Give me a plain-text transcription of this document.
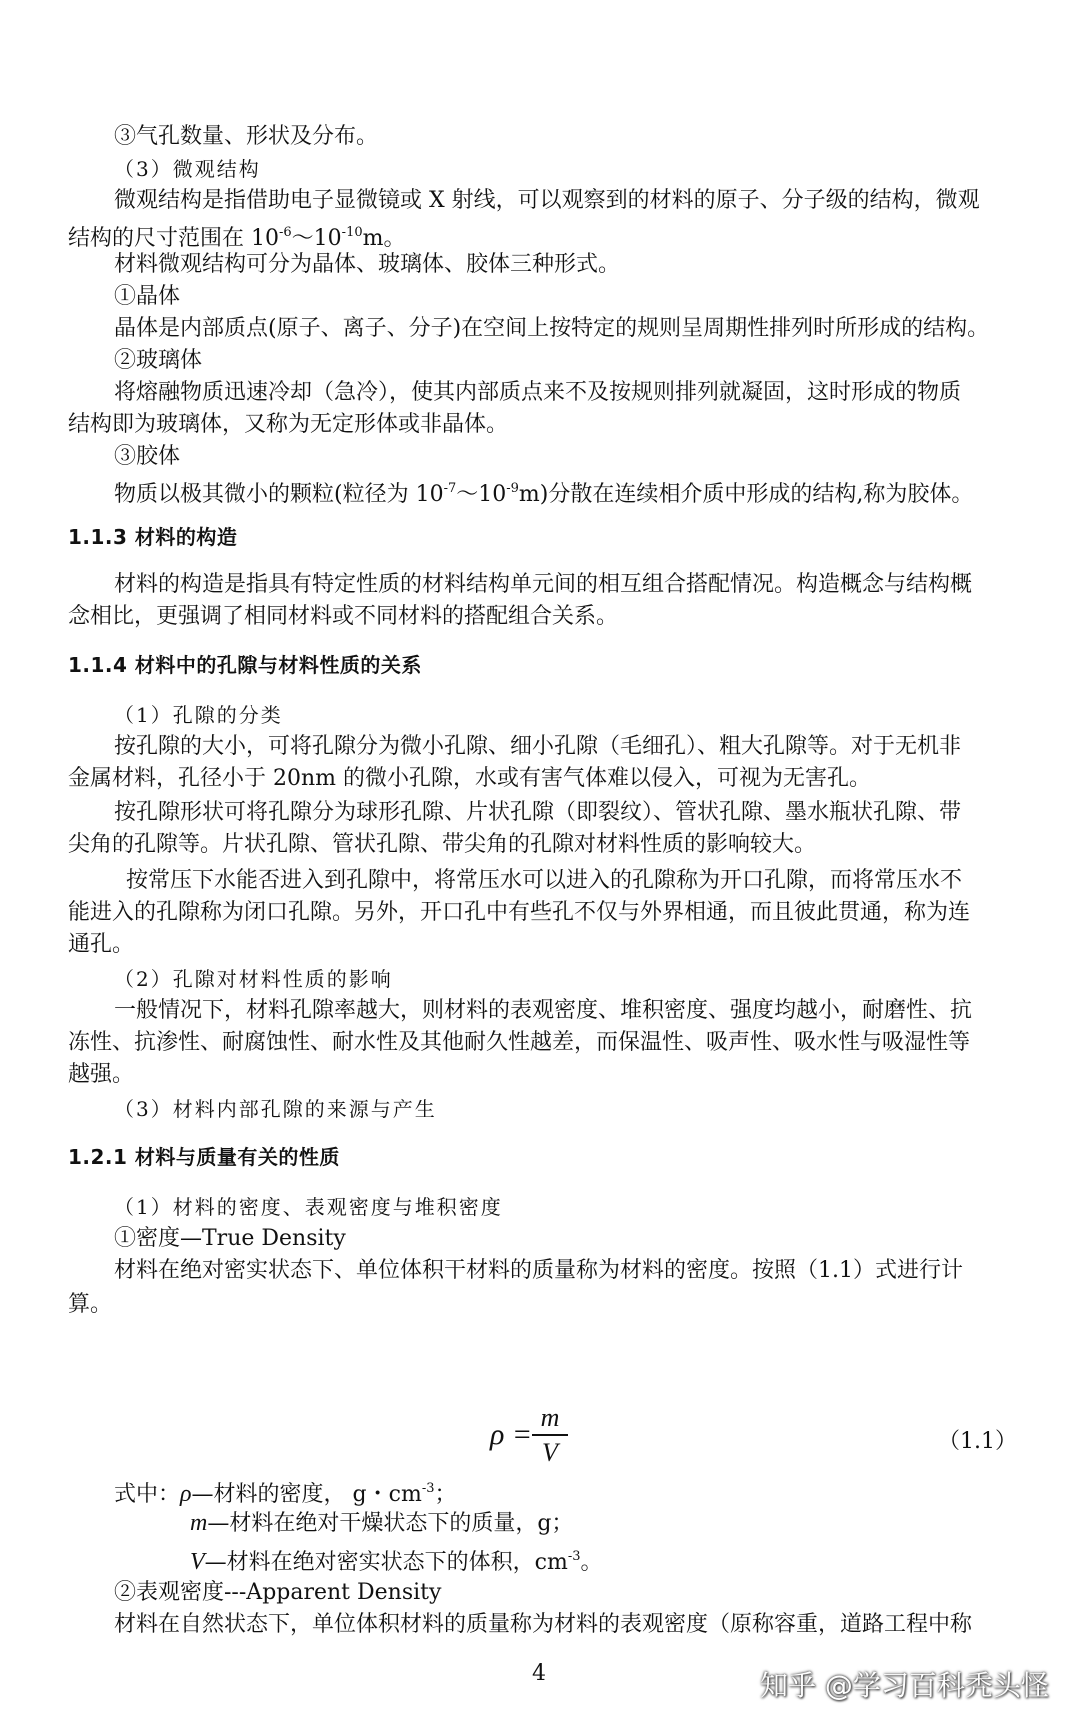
③气孔数量、形状及分布。
（3）微观结构
微观结构是指借助电子显微镜或 X 射线，可以观察到的材料的原子、分子级的结构，微观
结构的尺寸范围在 $10^{-6}\sim 10^{-10}m$。
材料微观结构可分为晶体、玻璃体、胶体三种形式。
①晶体
晶体是内部质点(原子、离子、分子)在空间上按特定的规则呈周期性排列时所形成的结构。
②玻璃体
将熔融物质迅速冷却（急冷），使其内部质点来不及按规则排列就凝固，这时形成的物质
结构即为玻璃体，又称为无定形体或非晶体。
③胶体
物质以极其微小的颗粒(粒径为 $10^{-7}\sim 10^{-9}m$)分散在连续相介质中形成的结构,称为胶体。
1.1.3 材料的构造
材料的构造是指具有特定性质的材料结构单元间的相互组合搭配情况。构造概念与结构概
念相比，更强调了相同材料或不同材料的搭配组合关系。
1.1.4 材料中的孔隙与材料性质的关系
（1）孔隙的分类
按孔隙的大小，可将孔隙分为微小孔隙、细小孔隙（毛细孔）、粗大孔隙等。对于无机非
金属材料，孔径小于 20nm 的微小孔隙，水或有害气体难以侵入，可视为无害孔。
按孔隙形状可将孔隙分为球形孔隙、片状孔隙（即裂纹）、管状孔隙、墨水瓶状孔隙、带
尖角的孔隙等。片状孔隙、管状孔隙、带尖角的孔隙对材料性质的影响较大。
按常压下水能否进入到孔隙中，将常压水可以进入的孔隙称为开口孔隙，而将常压水不
能进入的孔隙称为闭口孔隙。另外，开口孔中有些孔不仅与外界相通，而且彼此贯通，称为连
通孔。
（2）孔隙对材料性质的影响
一般情况下，材料孔隙率越大，则材料的表观密度、堆积密度、强度均越小，耐磨性、抗
冻性、抗渗性、耐腐蚀性、耐水性及其他耐久性越差，而保温性、吸声性、吸水性与吸湿性等
越强。
（3）材料内部孔隙的来源与产生
1.2.1 材料与质量有关的性质
（1）材料的密度、表观密度与堆积密度
①密度—True Density
材料在绝对密实状态下、单位体积干材料的质量称为材料的密度。按照（1.1）式进行计
算。
ρ =
m
V	（1.1）
式中：ρ—材料的密度， g・$cm^{-3}$；
m—材料在绝对干燥状态下的质量，g；
V—材料在绝对密实状态下的体积，$cm^{-3}$。
②表观密度---Apparent Density
材料在自然状态下，单位体积材料的质量称为材料的表观密度（原称容重，道路工程中称
4	知乎 @学习百科秃头怪
